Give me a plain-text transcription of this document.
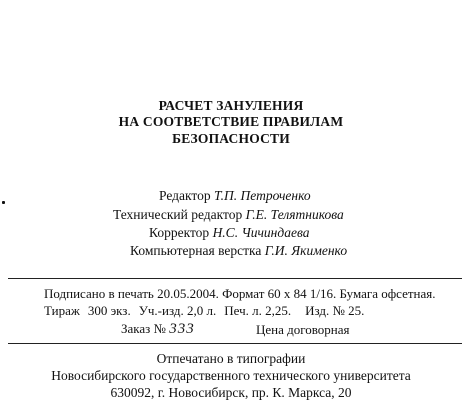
РАСЧЕТ ЗАНУЛЕНИЯ
НА СООТВЕТСТВИЕ ПРАВИЛАМ
БЕЗОПАСНОСТИ
Редактор Т.П. Петроченко
Технический редактор Г.Е. Телятникова
Корректор Н.С. Чичиндаева
Компьютерная верстка Г.И. Якименко
Подписано в печать 20.05.2004. Формат 60 х 84 1/16. Бумага офсетная.
Тираж 300 экз. Уч.-изд. 2,0 л. Печ. л. 2,25. Изд. № 25.
Заказ № 333	Цена договорная
Отпечатано в типографии
Новосибирского государственного технического университета
630092, г. Новосибирск, пр. К. Маркса, 20
